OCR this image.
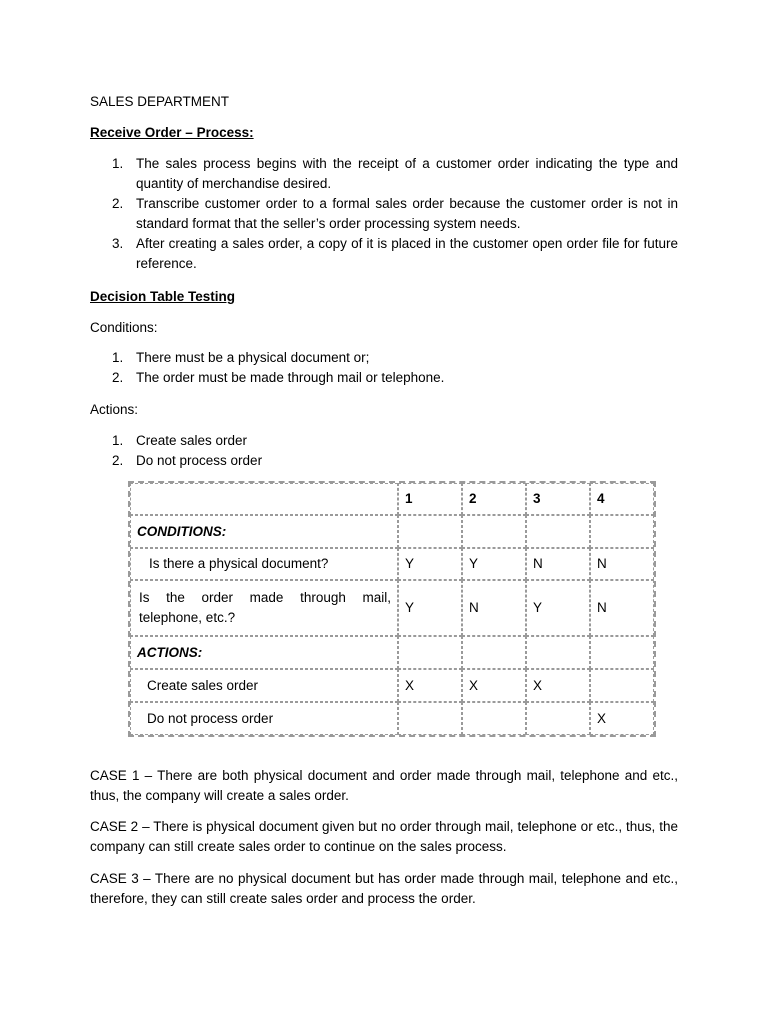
SALES DEPARTMENT
Receive Order – Process:
1. The sales process begins with the receipt of a customer order indicating the type and quantity of merchandise desired.
2. Transcribe customer order to a formal sales order because the customer order is not in standard format that the seller’s order processing system needs.
3. After creating a sales order, a copy of it is placed in the customer open order file for future reference.
Decision Table Testing
Conditions:
1. There must be a physical document or;
2. The order must be made through mail or telephone.
Actions:
1. Create sales order
2. Do not process order
	1	2	3	4
CONDITIONS:				
Is there a physical document?	Y	Y	N	N
Is the order made through mail, telephone, etc.?	Y	N	Y	N
ACTIONS:				
Create sales order	X	X	X	
Do not process order				X

CASE 1 – There are both physical document and order made through mail, telephone and etc., thus, the company will create a sales order.

CASE 2 – There is physical document given but no order through mail, telephone or etc., thus, the company can still create sales order to continue on the sales process.

CASE 3 – There are no physical document but has order made through mail, telephone and etc., therefore, they can still create sales order and process the order.
